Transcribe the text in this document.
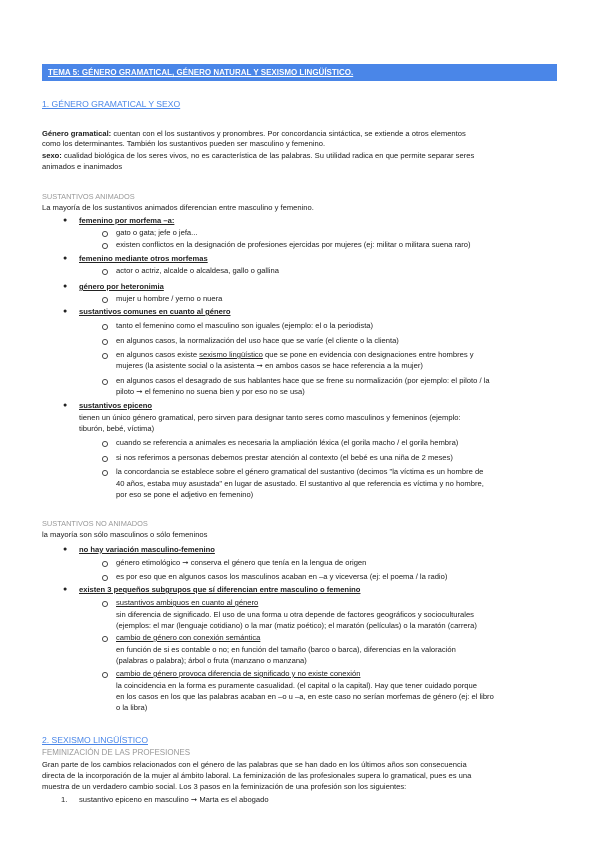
TEMA 5: GÉNERO GRAMATICAL, GÉNERO NATURAL Y SEXISMO LINGÜÍSTICO.
1. GÉNERO GRAMATICAL Y SEXO
Género gramatical: cuentan con el los sustantivos y pronombres. Por concordancia sintáctica, se extiende a otros elementos
como los determinantes. También los sustantivos pueden ser masculino y femenino.
sexo: cualidad biológica de los seres vivos, no es característica de las palabras. Su utilidad radica en que permite separar seres
animados e inanimados
SUSTANTIVOS ANIMADOS
La mayoría de los sustantivos animados diferencian entre masculino y femenino.
● femenino por morfema –a:
gato o gata; jefe o jefa...
existen conflictos en la designación de profesiones ejercidas por mujeres (ej: militar o militara suena raro)
● femenino mediante otros morfemas
actor o actriz, alcalde o alcaldesa, gallo o gallina
● género por heteronimia
mujer u hombre / yerno o nuera
● sustantivos comunes en cuanto al género
tanto el femenino como el masculino son iguales (ejemplo: el o la periodista)
en algunos casos, la normalización del uso hace que se varíe (el cliente o la clienta)
en algunos casos existe sexismo lingüístico que se pone en evidencia con designaciones entre hombres y
mujeres (la asistente social o la asistenta ➞ en ambos casos se hace referencia a la mujer)
en algunos casos el desagrado de sus hablantes hace que se frene su normalización (por ejemplo: el piloto / la
piloto ➞ el femenino no suena bien y por eso no se usa)
● sustantivos epiceno
tienen un único género gramatical, pero sirven para designar tanto seres como masculinos y femeninos (ejemplo:
tiburón, bebé, víctima)
cuando se referencia a animales es necesaria la ampliación léxica (el gorila macho / el gorila hembra)
si nos referimos a personas debemos prestar atención al contexto (el bebé es una niña de 2 meses)
la concordancia se establece sobre el género gramatical del sustantivo (decimos "la víctima es un hombre de
40 años, estaba muy asustada" en lugar de asustado. El sustantivo al que referencia es víctima y no hombre,
por eso se pone el adjetivo en femenino)
SUSTANTIVOS NO ANIMADOS
la mayoría son sólo masculinos o sólo femeninos
● no hay variación masculino-femenino
género etimológico ➞ conserva el género que tenía en la lengua de origen
es por eso que en algunos casos los masculinos acaban en –a y viceversa (ej: el poema / la radio)
● existen 3 pequeños subgrupos que sí diferencian entre masculino o femenino
sustantivos ambiguos en cuanto al género
sin diferencia de significado. El uso de una forma u otra depende de factores geográficos y socioculturales
(ejemplos: el mar (lenguaje cotidiano) o la mar (matiz poético); el maratón (películas) o la maratón (carrera)
cambio de género con conexión semántica
en función de si es contable o no; en función del tamaño (barco o barca), diferencias en la valoración
(palabras o palabra); árbol o fruta (manzano o manzana)
cambio de género provoca diferencia de significado y no existe conexión
la coincidencia en la forma es puramente casualidad. (el capital o la capital). Hay que tener cuidado porque
en los casos en los que las palabras acaban en –o u –a, en este caso no serían morfemas de género (ej: el libro
o la libra)
2. SEXISMO LINGÜÍSTICO
FEMINIZACIÓN DE LAS PROFESIONES
Gran parte de los cambios relacionados con el género de las palabras que se han dado en los últimos años son consecuencia
directa de la incorporación de la mujer al ámbito laboral. La feminización de las profesionales supera lo gramatical, pues es una
muestra de un verdadero cambio social. Los 3 pasos en la feminización de una profesión son los siguientes:
1. sustantivo epiceno en masculino ➞ Marta es el abogado
